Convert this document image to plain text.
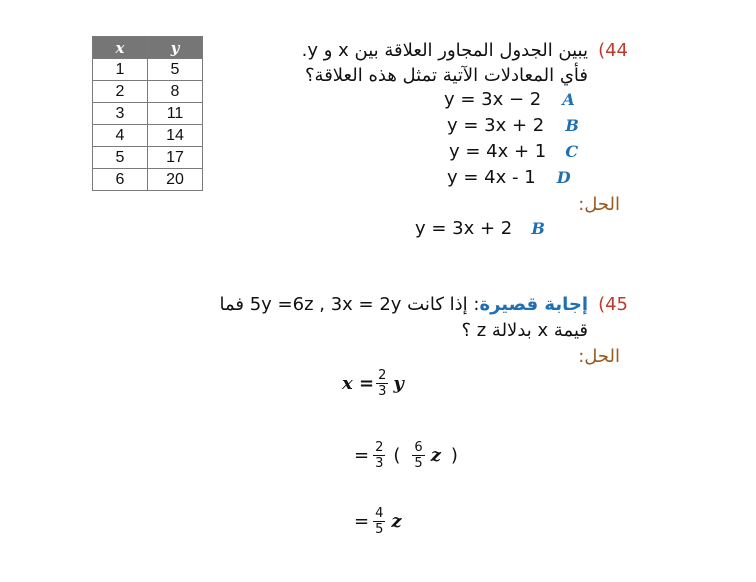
x	y
1	5
2	8
3	11
4	14
5	17
6	20
(44
يبين الجدول المجاور العلاقة بين x و y.
فأي المعادلات الآتية تمثل هذه العلاقة؟
y = 3x − 2 A
y = 3x + 2 B
y = 4x + 1 C
y = 4x - 1 D
الحل:
y = 3x + 2 B
(45
إجابة قصيرة: إذا كانت 5y =6z , 3x = 2y فما
قيمة x بدلالة z ؟
الحل:
$x = \frac{2}{3}$ y
= $\frac{2}{3}$ ( $\frac{6}{5}$ z )
= $\frac{4}{5}$ z
